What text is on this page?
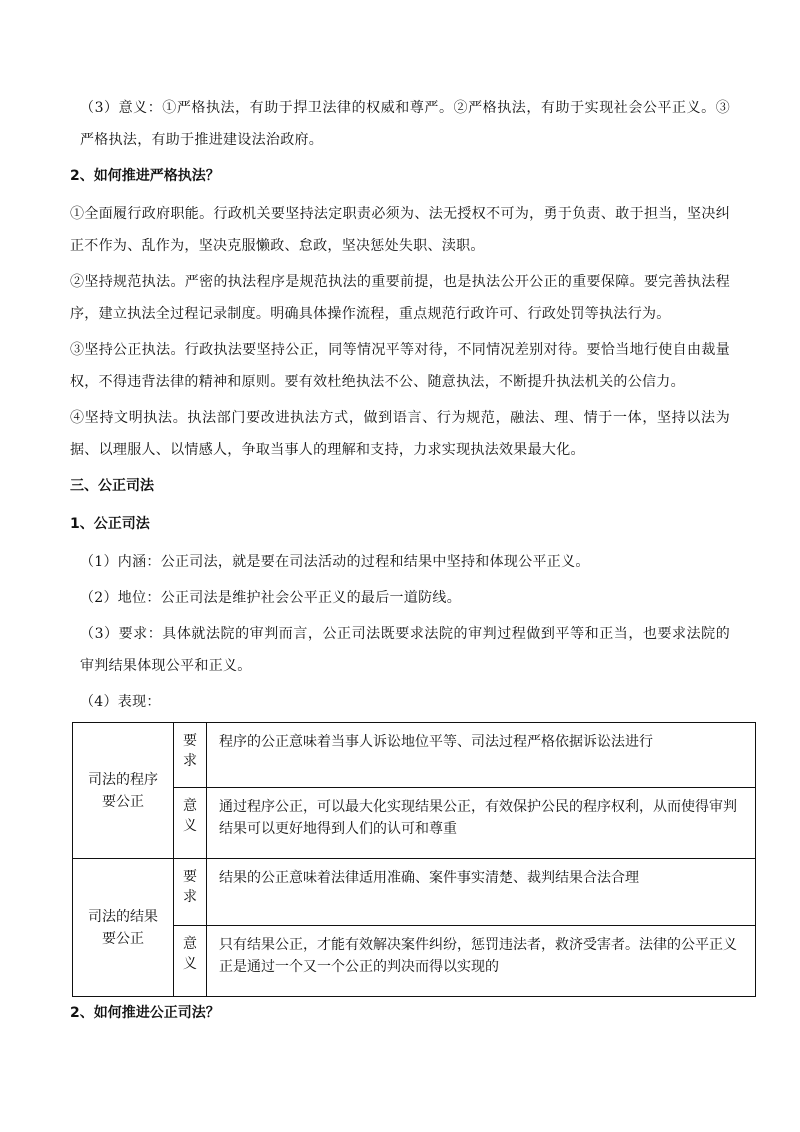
（3）意义：①严格执法，有助于捍卫法律的权威和尊严。②严格执法，有助于实现社会公平正义。③严格执法，有助于推进建设法治政府。

2、如何推进严格执法？

①全面履行政府职能。行政机关要坚持法定职责必须为、法无授权不可为，勇于负责、敢于担当，坚决纠正不作为、乱作为，坚决克服懒政、怠政，坚决惩处失职、渎职。

②坚持规范执法。严密的执法程序是规范执法的重要前提，也是执法公开公正的重要保障。要完善执法程序，建立执法全过程记录制度。明确具体操作流程，重点规范行政许可、行政处罚等执法行为。

③坚持公正执法。行政执法要坚持公正，同等情况平等对待，不同情况差别对待。要恰当地行使自由裁量权，不得违背法律的精神和原则。要有效杜绝执法不公、随意执法，不断提升执法机关的公信力。

④坚持文明执法。执法部门要改进执法方式，做到语言、行为规范，融法、理、情于一体，坚持以法为据、以理服人、以情感人，争取当事人的理解和支持，力求实现执法效果最大化。

三、公正司法
1、公正司法

（1）内涵：公正司法，就是要在司法活动的过程和结果中坚持和体现公平正义。

（2）地位：公正司法是维护社会公平正义的最后一道防线。

（3）要求：具体就法院的审判而言，公正司法既要求法院的审判过程做到平等和正当，也要求法院的审判结果体现公平和正义。

（4）表现：

司法的程序要公正	要求	程序的公正意味着当事人诉讼地位平等、司法过程严格依据诉讼法进行
	意义	通过程序公正，可以最大化实现结果公正，有效保护公民的程序权利，从而使得审判结果可以更好地得到人们的认可和尊重
司法的结果要公正	要求	结果的公正意味着法律适用准确、案件事实清楚、裁判结果合法合理
	意义	只有结果公正，才能有效解决案件纠纷，惩罚违法者，救济受害者。法律的公平正义正是通过一个又一个公正的判决而得以实现的
2、如何推进公正司法？
